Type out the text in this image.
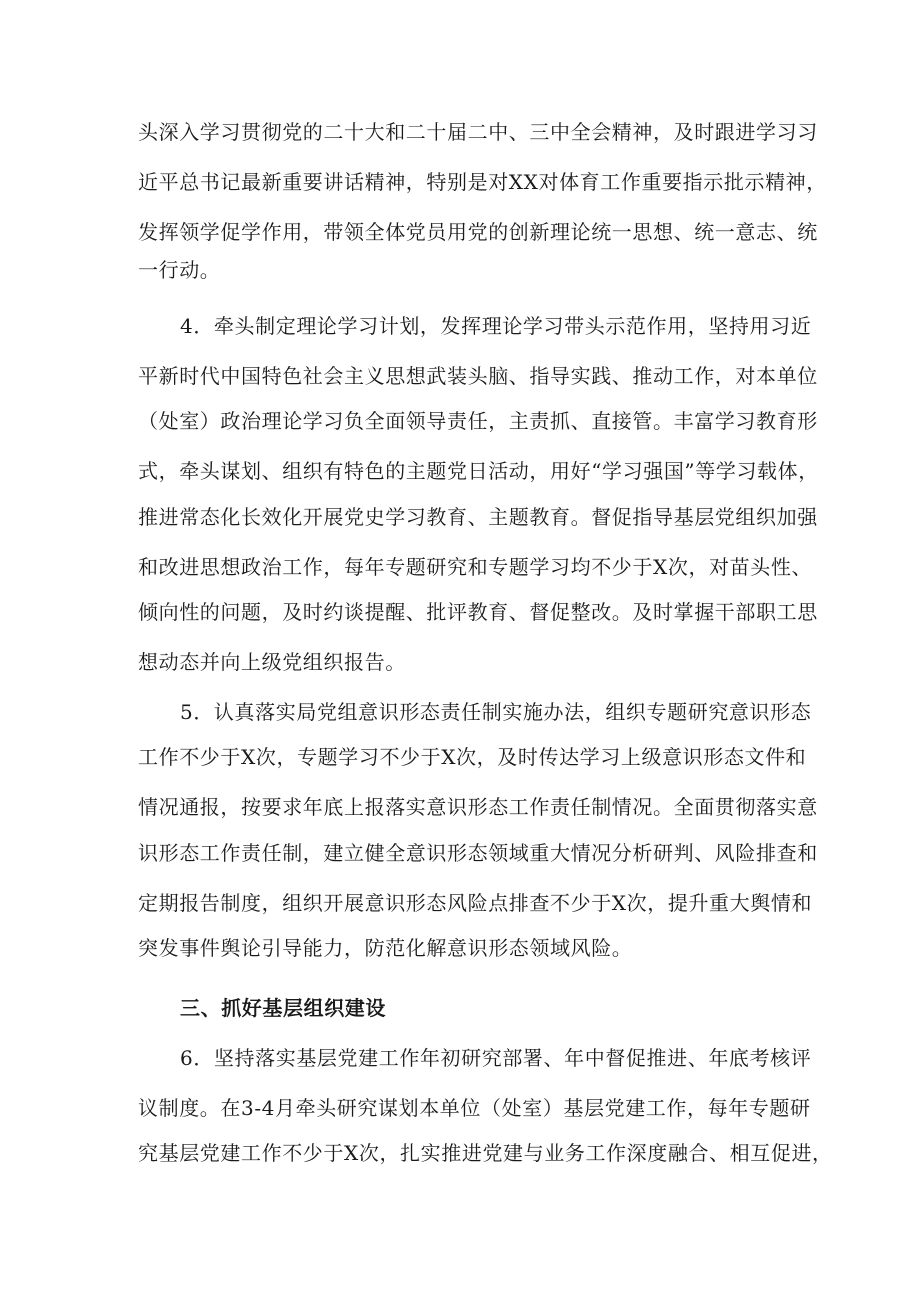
头深入学习贯彻党的二十大和二十届二中、三中全会精神，及时跟进学习习
近平总书记最新重要讲话精神，特别是对XX对体育工作重要指示批示精神，
发挥领学促学作用，带领全体党员用党的创新理论统一思想、统一意志、统
一行动。
4．牵头制定理论学习计划，发挥理论学习带头示范作用，坚持用习近
平新时代中国特色社会主义思想武装头脑、指导实践、推动工作，对本单位
（处室）政治理论学习负全面领导责任，主责抓、直接管。丰富学习教育形
式，牵头谋划、组织有特色的主题党日活动，用好“学习强国”等学习载体，
推进常态化长效化开展党史学习教育、主题教育。督促指导基层党组织加强
和改进思想政治工作，每年专题研究和专题学习均不少于X次，对苗头性、
倾向性的问题，及时约谈提醒、批评教育、督促整改。及时掌握干部职工思
想动态并向上级党组织报告。
5．认真落实局党组意识形态责任制实施办法，组织专题研究意识形态
工作不少于X次，专题学习不少于X次，及时传达学习上级意识形态文件和
情况通报，按要求年底上报落实意识形态工作责任制情况。全面贯彻落实意
识形态工作责任制，建立健全意识形态领域重大情况分析研判、风险排查和
定期报告制度，组织开展意识形态风险点排查不少于X次，提升重大舆情和
突发事件舆论引导能力，防范化解意识形态领域风险。
三、抓好基层组织建设
6．坚持落实基层党建工作年初研究部署、年中督促推进、年底考核评
议制度。在3-4月牵头研究谋划本单位（处室）基层党建工作，每年专题研
究基层党建工作不少于X次，扎实推进党建与业务工作深度融合、相互促进，
